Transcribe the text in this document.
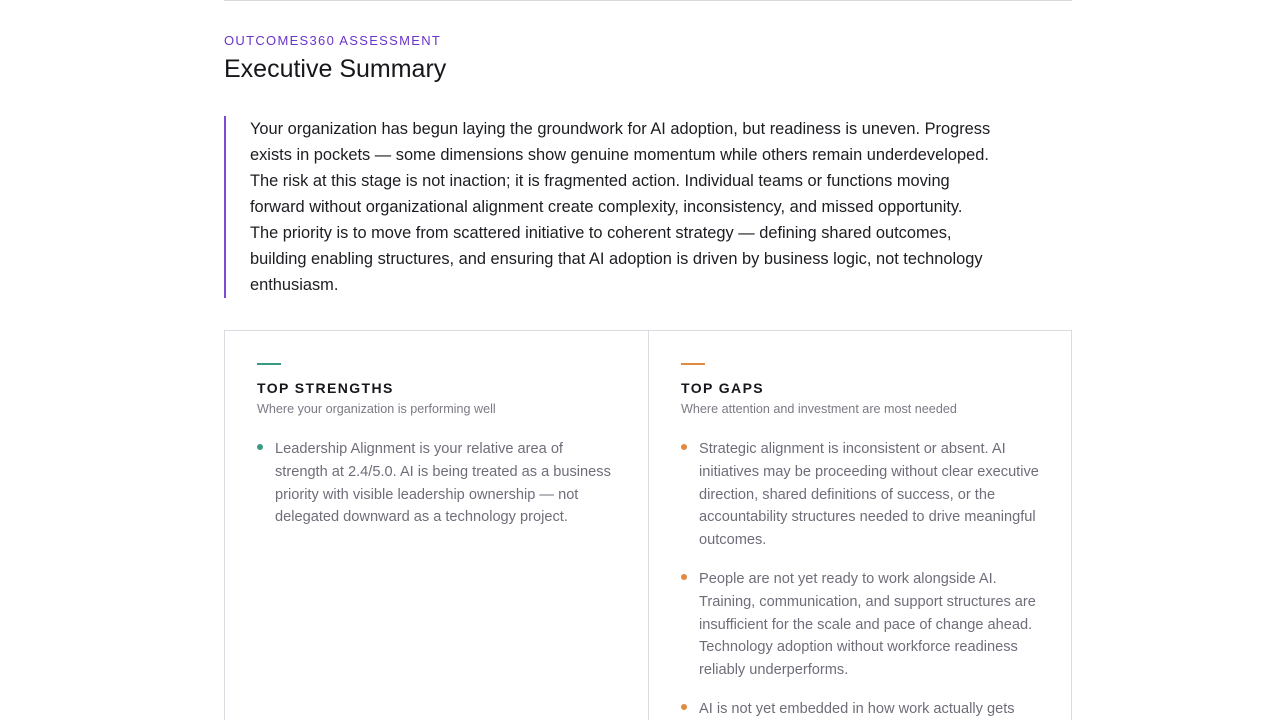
OUTCOMES360 ASSESSMENT
Executive Summary

Your organization has begun laying the groundwork for AI adoption, but readiness is uneven. Progress exists in pockets — some dimensions show genuine momentum while others remain underdeveloped. The risk at this stage is not inaction; it is fragmented action. Individual teams or functions moving forward without organizational alignment create complexity, inconsistency, and missed opportunity. The priority is to move from scattered initiative to coherent strategy — defining shared outcomes, building enabling structures, and ensuring that AI adoption is driven by business logic, not technology enthusiasm.

TOP STRENGTHS

Where your organization is performing well

Leadership Alignment is your relative area of strength at 2.4/5.0. AI is being treated as a business priority with visible leadership ownership — not delegated downward as a technology project.
TOP GAPS

Where attention and investment are most needed

Strategic alignment is inconsistent or absent. AI initiatives may be proceeding without clear executive direction, shared definitions of success, or the accountability structures needed to drive meaningful outcomes.
People are not yet ready to work alongside AI. Training, communication, and support structures are insufficient for the scale and pace of change ahead. Technology adoption without workforce readiness reliably underperforms.
AI is not yet embedded in how work actually gets
